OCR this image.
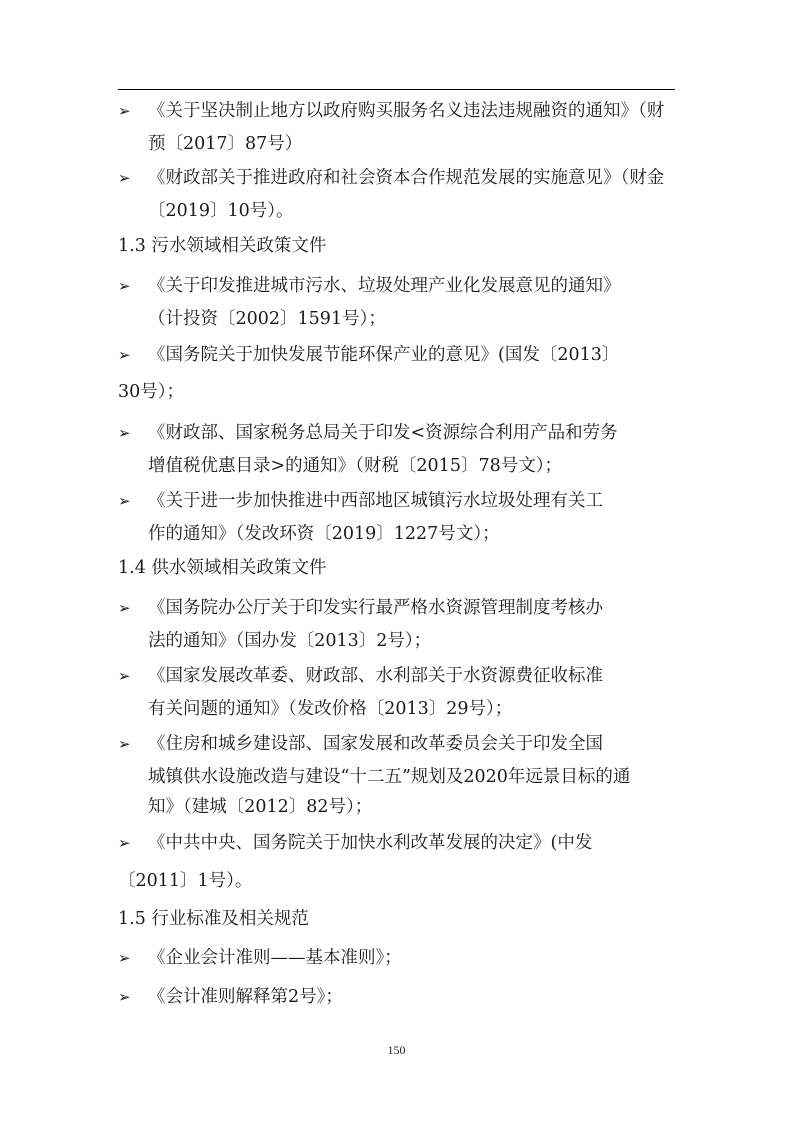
➢ 《关于坚决制止地方以政府购买服务名义违法违规融资的通知》（财
预〔2017〕87号）
➢ 《财政部关于推进政府和社会资本合作规范发展的实施意见》（财金
〔2019〕10号）。
1.3 污水领域相关政策文件
➢ 《关于印发推进城市污水、垃圾处理产业化发展意见的通知》
（计投资〔2002〕1591号）；
➢ 《国务院关于加快发展节能环保产业的意见》(国发〔2013〕
30号）；
➢ 《财政部、国家税务总局关于印发<资源综合利用产品和劳务
增值税优惠目录>的通知》（财税〔2015〕78号文）；
➢ 《关于进一步加快推进中西部地区城镇污水垃圾处理有关工
作的通知》（发改环资〔2019〕1227号文）；
1.4 供水领域相关政策文件
➢ 《国务院办公厅关于印发实行最严格水资源管理制度考核办
法的通知》（国办发〔2013〕2号）；
➢ 《国家发展改革委、财政部、水利部关于水资源费征收标准
有关问题的通知》（发改价格〔2013〕29号）；
➢ 《住房和城乡建设部、国家发展和改革委员会关于印发全国
城镇供水设施改造与建设“十二五”规划及2020年远景目标的通
知》（建城〔2012〕82号）；
➢ 《中共中央、国务院关于加快水利改革发展的决定》(中发
〔2011〕1号）。
1.5 行业标准及相关规范
➢ 《企业会计准则——基本准则》；
➢ 《会计准则解释第2号》；
150
